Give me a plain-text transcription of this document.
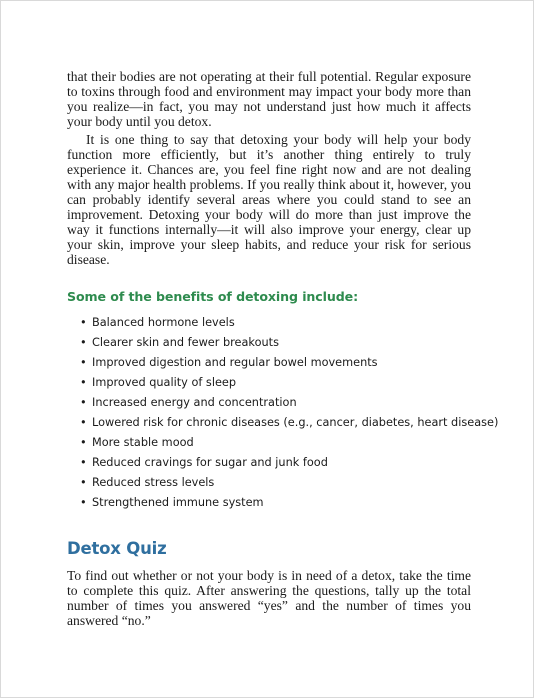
that their bodies are not operating at their full potential. Regular exposure to toxins through food and environment may impact your body more than you realize—in fact, you may not understand just how much it affects your body until you detox.

It is one thing to say that detoxing your body will help your body function more efficiently, but it’s another thing entirely to truly experience it. Chances are, you feel fine right now and are not dealing with any major health problems. If you really think about it, however, you can probably identify several areas where you could stand to see an improvement. Detoxing your body will do more than just improve the way it functions internally—it will also improve your energy, clear up your skin, improve your sleep habits, and reduce your risk for serious disease.

Some of the benefits of detoxing include:
• Balanced hormone levels
• Clearer skin and fewer breakouts
• Improved digestion and regular bowel movements
• Improved quality of sleep
• Increased energy and concentration
• Lowered risk for chronic diseases (e.g., cancer, diabetes, heart disease)
• More stable mood
• Reduced cravings for sugar and junk food
• Reduced stress levels
• Strengthened immune system
Detox Quiz

To find out whether or not your body is in need of a detox, take the time to complete this quiz. After answering the questions, tally up the total number of times you answered “yes” and the number of times you answered “no.”
